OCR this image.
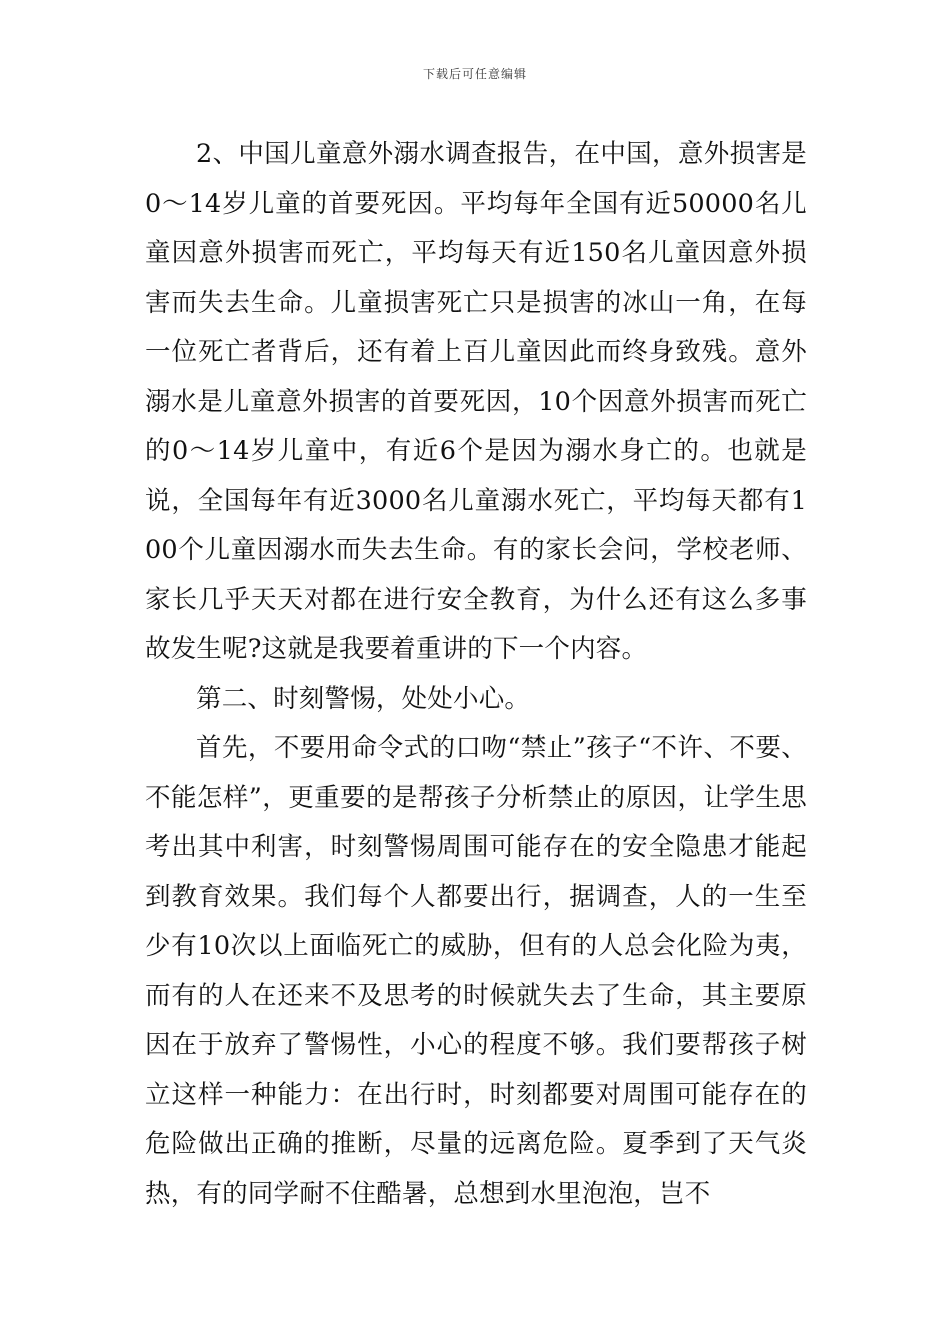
下载后可任意编辑

2、中国儿童意外溺水调查报告，在中国，意外损害是0～14岁儿童的首要死因。平均每年全国有近50000名儿童因意外损害而死亡，平均每天有近150名儿童因意外损害而失去生命。儿童损害死亡只是损害的冰山一角，在每一位死亡者背后，还有着上百儿童因此而终身致残。意外溺水是儿童意外损害的首要死因，10个因意外损害而死亡的0～14岁儿童中，有近6个是因为溺水身亡的。也就是说，全国每年有近3000名儿童溺水死亡，平均每天都有100个儿童因溺水而失去生命。有的家长会问，学校老师、家长几乎天天对都在进行安全教育，为什么还有这么多事故发生呢?这就是我要着重讲的下一个内容。

第二、时刻警惕，处处小心。

首先，不要用命令式的口吻“禁止”孩子“不许、不要、不能怎样”，更重要的是帮孩子分析禁止的原因，让学生思考出其中利害，时刻警惕周围可能存在的安全隐患才能起到教育效果。我们每个人都要出行，据调查，人的一生至少有10次以上面临死亡的威胁，但有的人总会化险为夷，而有的人在还来不及思考的时候就失去了生命，其主要原因在于放弃了警惕性，小心的程度不够。我们要帮孩子树立这样一种能力：在出行时，时刻都要对周围可能存在的危险做出正确的推断，尽量的远离危险。夏季到了天气炎热，有的同学耐不住酷暑，总想到水里泡泡，岂不
